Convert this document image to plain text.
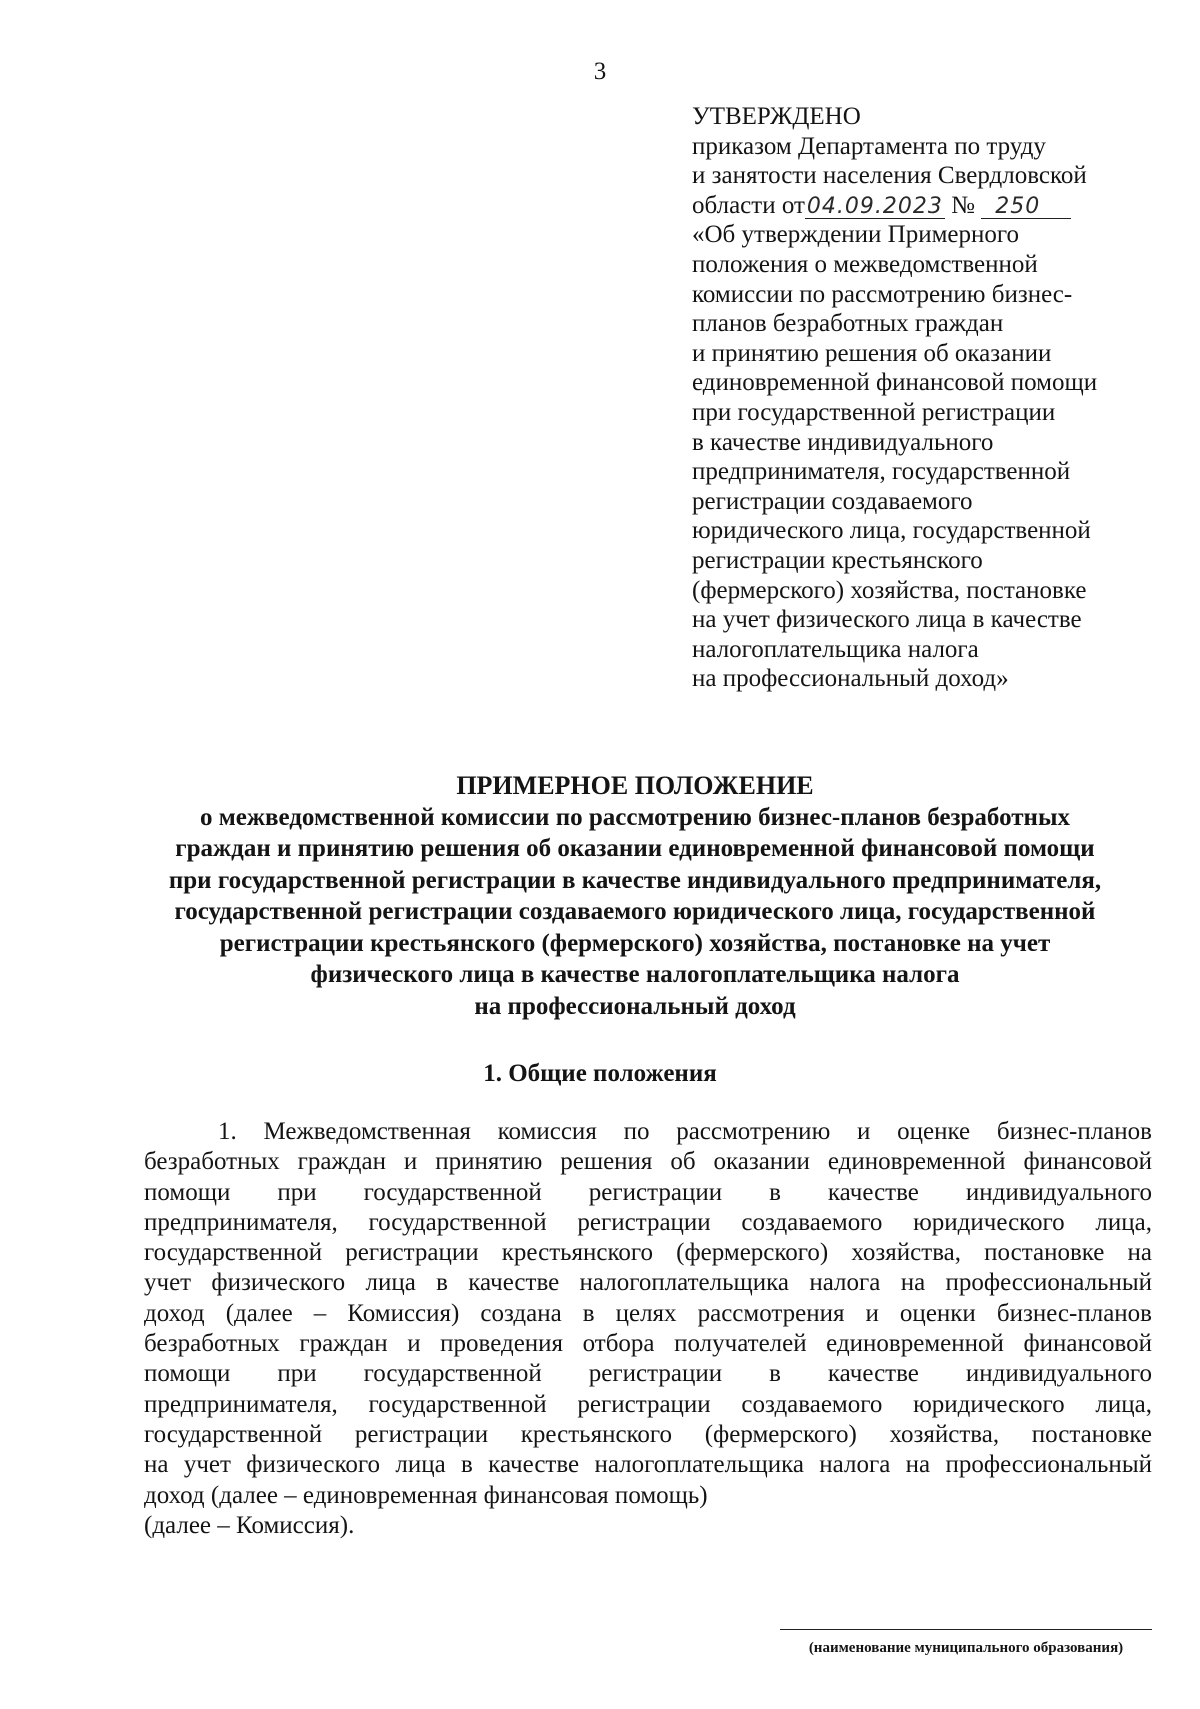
3
УТВЕРЖДЕНО
приказом Департамента по труду
и занятости населения Свердловской
области от04.09.2023 № 250
«Об утверждении Примерного
положения о межведомственной
комиссии по рассмотрению бизнес-
планов безработных граждан
и принятию решения об оказании
единовременной финансовой помощи
при государственной регистрации
в качестве индивидуального
предпринимателя, государственной
регистрации создаваемого
юридического лица, государственной
регистрации крестьянского
(фермерского) хозяйства, постановке
на учет физического лица в качестве
налогоплательщика налога
на профессиональный доход»
ПРИМЕРНОЕ ПОЛОЖЕНИЕ
о межведомственной комиссии по рассмотрению бизнес-планов безработных
граждан и принятию решения об оказании единовременной финансовой помощи
при государственной регистрации в качестве индивидуального предпринимателя,
государственной регистрации создаваемого юридического лица, государственной
регистрации крестьянского (фермерского) хозяйства, постановке на учет
физического лица в качестве налогоплательщика налога
на профессиональный доход
1. Общие положения
1. Межведомственная комиссия по рассмотрению и оценке бизнес-планов
безработных граждан и принятию решения об оказании единовременной финансовой
помощи при государственной регистрации в качестве индивидуального
предпринимателя, государственной регистрации создаваемого юридического лица,
государственной регистрации крестьянского (фермерского) хозяйства, постановке на
учет физического лица в качестве налогоплательщика налога на профессиональный
доход (далее – Комиссия) создана в целях рассмотрения и оценки бизнес-планов
безработных граждан и проведения отбора получателей единовременной финансовой
помощи при государственной регистрации в качестве индивидуального
предпринимателя, государственной регистрации создаваемого юридического лица,
государственной регистрации крестьянского (фермерского) хозяйства, постановке
на учет физического лица в качестве налогоплательщика налога на профессиональный
доход (далее – единовременная финансовая помощь)
(далее – Комиссия).
(наименование муниципального образования)
